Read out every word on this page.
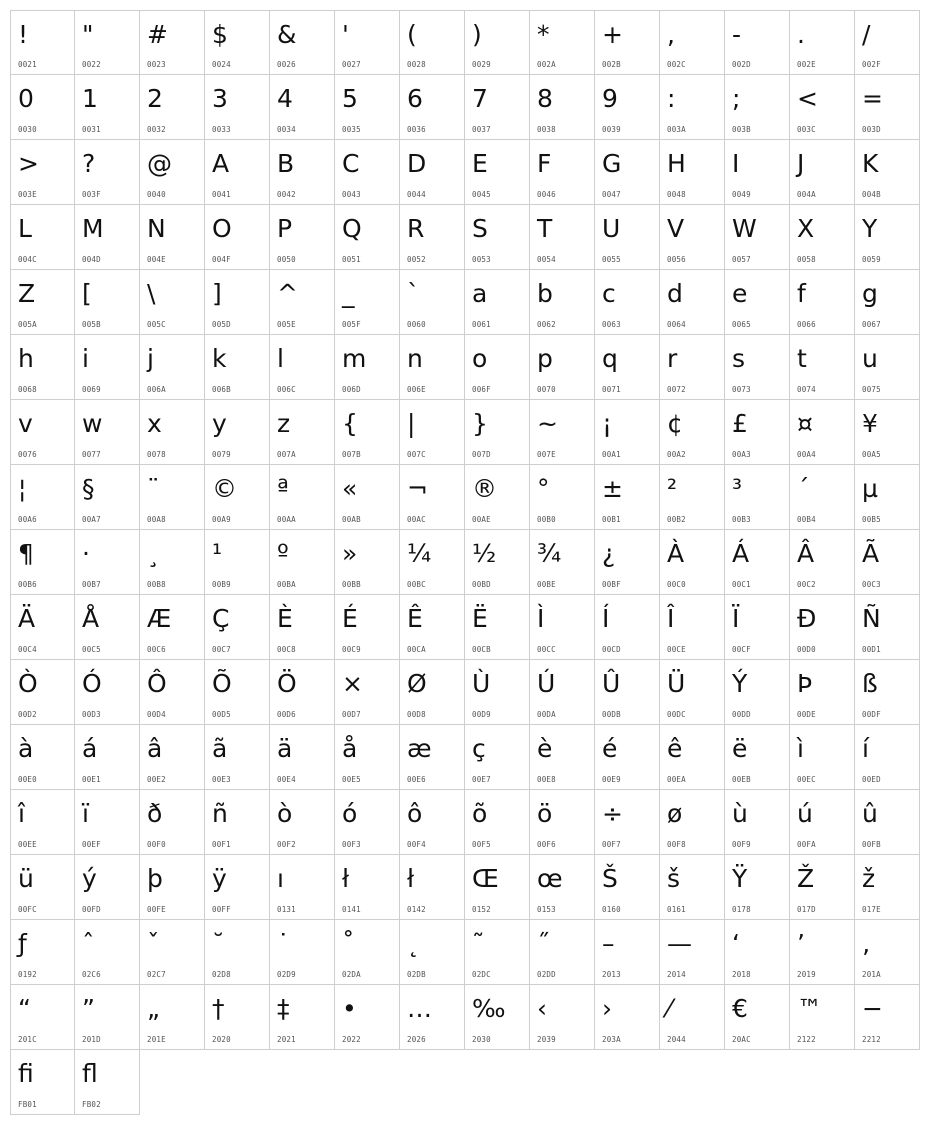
!
0021
"
0022
#
0023
$
0024
&
0026
'
0027
(
0028
)
0029
*
002A
+
002B
,
002C
-
002D
.
002E
/
002F
0
0030
1
0031
2
0032
3
0033
4
0034
5
0035
6
0036
7
0037
8
0038
9
0039
:
003A
;
003B
<
003C
=
003D
>
003E
?
003F
@
0040
A
0041
B
0042
C
0043
D
0044
E
0045
F
0046
G
0047
H
0048
I
0049
J
004A
K
004B
L
004C
M
004D
N
004E
O
004F
P
0050
Q
0051
R
0052
S
0053
T
0054
U
0055
V
0056
W
0057
X
0058
Y
0059
Z
005A
[
005B
\
005C
]
005D
^
005E
_
005F
`
0060
a
0061
b
0062
c
0063
d
0064
e
0065
f
0066
g
0067
h
0068
i
0069
j
006A
k
006B
l
006C
m
006D
n
006E
o
006F
p
0070
q
0071
r
0072
s
0073
t
0074
u
0075
v
0076
w
0077
x
0078
y
0079
z
007A
{
007B
|
007C
}
007D
~
007E
¡
00A1
¢
00A2
£
00A3
¤
00A4
¥
00A5
¦
00A6
§
00A7
¨
00A8
©
00A9
ª
00AA
«
00AB
¬
00AC
®
00AE
°
00B0
±
00B1
²
00B2
³
00B3
´
00B4
µ
00B5
¶
00B6
·
00B7
¸
00B8
¹
00B9
º
00BA
»
00BB
¼
00BC
½
00BD
¾
00BE
¿
00BF
À
00C0
Á
00C1
Â
00C2
Ã
00C3
Ä
00C4
Å
00C5
Æ
00C6
Ç
00C7
È
00C8
É
00C9
Ê
00CA
Ë
00CB
Ì
00CC
Í
00CD
Î
00CE
Ï
00CF
Ð
00D0
Ñ
00D1
Ò
00D2
Ó
00D3
Ô
00D4
Õ
00D5
Ö
00D6
×
00D7
Ø
00D8
Ù
00D9
Ú
00DA
Û
00DB
Ü
00DC
Ý
00DD
Þ
00DE
ß
00DF
à
00E0
á
00E1
â
00E2
ã
00E3
ä
00E4
å
00E5
æ
00E6
ç
00E7
è
00E8
é
00E9
ê
00EA
ë
00EB
ì
00EC
í
00ED
î
00EE
ï
00EF
ð
00F0
ñ
00F1
ò
00F2
ó
00F3
ô
00F4
õ
00F5
ö
00F6
÷
00F7
ø
00F8
ù
00F9
ú
00FA
û
00FB
ü
00FC
ý
00FD
þ
00FE
ÿ
00FF
ı
0131
ł
0141
ł
0142
Œ
0152
œ
0153
Š
0160
š
0161
Ÿ
0178
Ž
017D
ž
017E
ƒ
0192
ˆ
02C6
ˇ
02C7
˘
02D8
˙
02D9
˚
02DA
˛
02DB
˜
02DC
˝
02DD
–
2013
—
2014
‘
2018
’
2019
‚
201A
“
201C
”
201D
„
201E
†
2020
‡
2021
•
2022
…
2026
‰
2030
‹
2039
›
203A
⁄
2044
€
20AC
™
2122
−
2212
ﬁ
FB01
ﬂ
FB02
